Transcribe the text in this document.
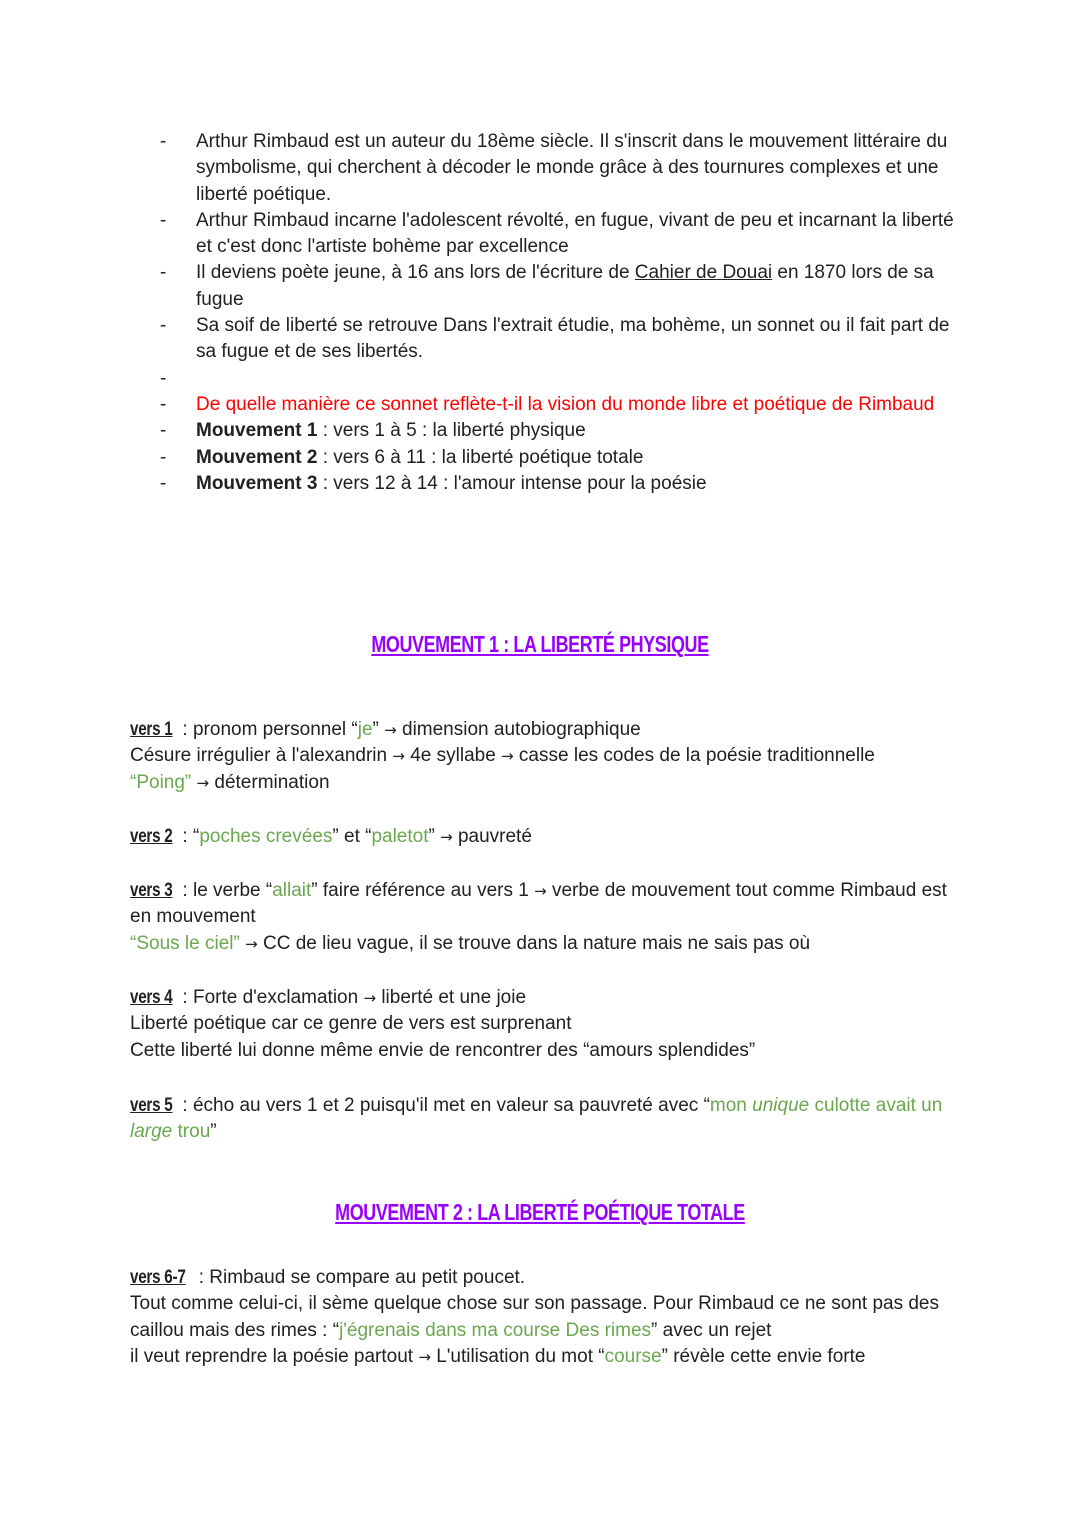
-	Arthur Rimbaud est un auteur du 18ème siècle. Il s'inscrit dans le mouvement littéraire du symbolisme, qui cherchent à décoder le monde grâce à des tournures complexes et une liberté poétique.
-	Arthur Rimbaud incarne l'adolescent révolté, en fugue, vivant de peu et incarnant la liberté et c'est donc l'artiste bohème par excellence
-	Il deviens poète jeune, à 16 ans lors de l'écriture de Cahier de Douai en 1870 lors de sa fugue
-	Sa soif de liberté se retrouve Dans l'extrait étudie, ma bohème, un sonnet ou il fait part de sa fugue et de ses libertés.
-

-	De quelle manière ce sonnet reflète-t-il la vision du monde libre et poétique de Rimbaud
-	Mouvement 1 : vers 1 à 5 : la liberté physique
-	Mouvement 2 : vers 6 à 11 : la liberté poétique totale
-	Mouvement 3 : vers 12 à 14 : l'amour intense pour la poésie
MOUVEMENT 1 : LA LIBERTÉ PHYSIQUE

vers 1 : pronom personnel “je” → dimension autobiographique

Césure irrégulier à l'alexandrin → 4e syllabe → casse les codes de la poésie traditionnelle

“Poing” → détermination

vers 2 : “poches crevées” et “paletot” → pauvreté

vers 3 : le verbe “allait” faire référence au vers 1 → verbe de mouvement tout comme Rimbaud est en mouvement

“Sous le ciel” → CC de lieu vague, il se trouve dans la nature mais ne sais pas où

vers 4 : Forte d'exclamation → liberté et une joie

Liberté poétique car ce genre de vers est surprenant

Cette liberté lui donne même envie de rencontrer des “amours splendides”

vers 5 : écho au vers 1 et 2 puisqu'il met en valeur sa pauvreté avec “mon unique culotte avait un large trou”

MOUVEMENT 2 : LA LIBERTÉ POÉTIQUE TOTALE

vers 6-7 : Rimbaud se compare au petit poucet.

Tout comme celui-ci, il sème quelque chose sur son passage. Pour Rimbaud ce ne sont pas des caillou mais des rimes : “j'égrenais dans ma course Des rimes” avec un rejet

il veut reprendre la poésie partout → L'utilisation du mot “course” révèle cette envie forte
